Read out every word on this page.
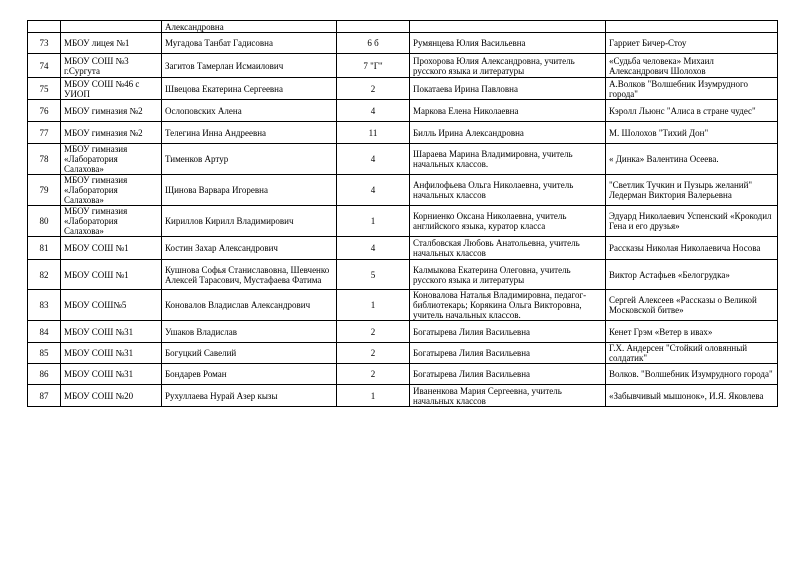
		Александровна			
73	МБОУ лицея №1	Мугадова Танбат Гадисовна	6 б	Румянцева Юлия Васильевна	Гарриет Бичер-Стоу
74	МБОУ СОШ №3 г.Сургута	Загитов Тамерлан Исмаилович	7 "Г"	Прохорова Юлия Александровна, учитель русского языка и литературы	«Судьба человека» Михаил Александрович Шолохов
75	МБОУ СОШ №46 с УИОП	Швецова Екатерина Сергеевна	2	Покатаева Ирина Павловна	А.Волков "Волшебник Изумрудного города"
76	МБОУ гимназия №2	Ослоповских Алена	4	Маркова Елена Николаевна	Кэролл Льюнс "Алиса в стране чудес"
77	МБОУ гимназия №2	Телегина Инна Андреевна	11	Билль Ирина Александровна	М. Шолохов "Тихий Дон"
78	МБОУ гимназия «Лаборатория Салахова»	Тименков Артур	4	Шараева Марина Владимировна, учитель начальных классов.	« Динка» Валентина Осеева.
79	МБОУ гимназия «Лаборатория Салахова»	Щинова Варвара Игоревна	4	Анфилофьева Ольга Николаевна, учитель начальных классов	"Светлик Тучкин и Пузырь желаний" Ледерман Виктория Валерьевна
80	МБОУ гимназия «Лаборатория Салахова»	Кириллов Кирилл Владимирович	1	Корниенко Оксана Николаевна, учитель английского языка, куратор класса	Эдуард Николаевич Успенский «Крокодил Гена и его друзья»
81	МБОУ СОШ №1	Костин Захар Александрович	4	Сталбовская Любовь Анатольевна, учитель начальных классов	Рассказы Николая Николаевича Носова
82	МБОУ СОШ №1	Кушнова Софья Станиславовна, Шевченко Алексей Тарасович, Мустафаева Фатима	5	Калмыкова Екатерина Олеговна, учитель русского языка и литературы	Виктор Астафьев «Белогрудка»
83	МБОУ СОШ№5	Коновалов Владислав Александрович	1	Коновалова Наталья Владимировна, педагог-библиотекарь; Корякина Ольга Викторовна, учитель начальных классов.	Сергей Алексеев «Рассказы о Великой Московской битве»
84	МБОУ СОШ №31	Ушаков Владислав	2	Богатырева Лилия Васильевна	Кенет Грэм «Ветер в ивах»
85	МБОУ СОШ №31	Богуцкий Савелий	2	Богатырева Лилия Васильевна	Г.Х. Андерсен "Стойкий оловянный солдатик"
86	МБОУ СОШ №31	Бондарев Роман	2	Богатырева Лилия Васильевна	Волков. "Волшебник Изумрудного города"
87	МБОУ СОШ №20	Рухуллаева Нурай Азер кызы	1	Иваненкова Мария Сергеевна, учитель начальных классов	«Забывчивый мышонок», И.Я. Яковлева
